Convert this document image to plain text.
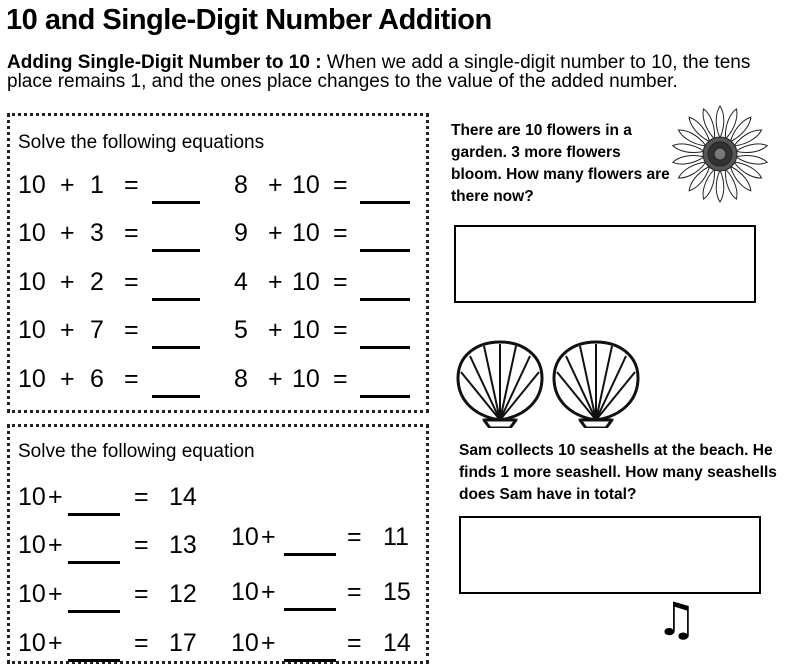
10 and Single-Digit Number Addition
Adding Single-Digit Number to 10 : When we add a single-digit number to 10, the tens place remains 1, and the ones place changes to the value of the added number.
Solve the following equations
10 + 1 =
10 + 3 =
10 + 2 =
10 + 7 =
10 + 6 =
8 + 10 =
9 + 10 =
4 + 10 =
5 + 10 =
8 + 10 =
Solve the following equation
10 +	= 14
10 +	= 13
10 +	= 12
10 +	= 17
10 +	= 11
10 +	= 15
10 +	= 14
There are 10 flowers in a garden. 3 more flowers bloom. How many flowers are there now?
Sam collects 10 seashells at the beach. He finds 1 more seashell. How many seashells does Sam have in total?
♫
